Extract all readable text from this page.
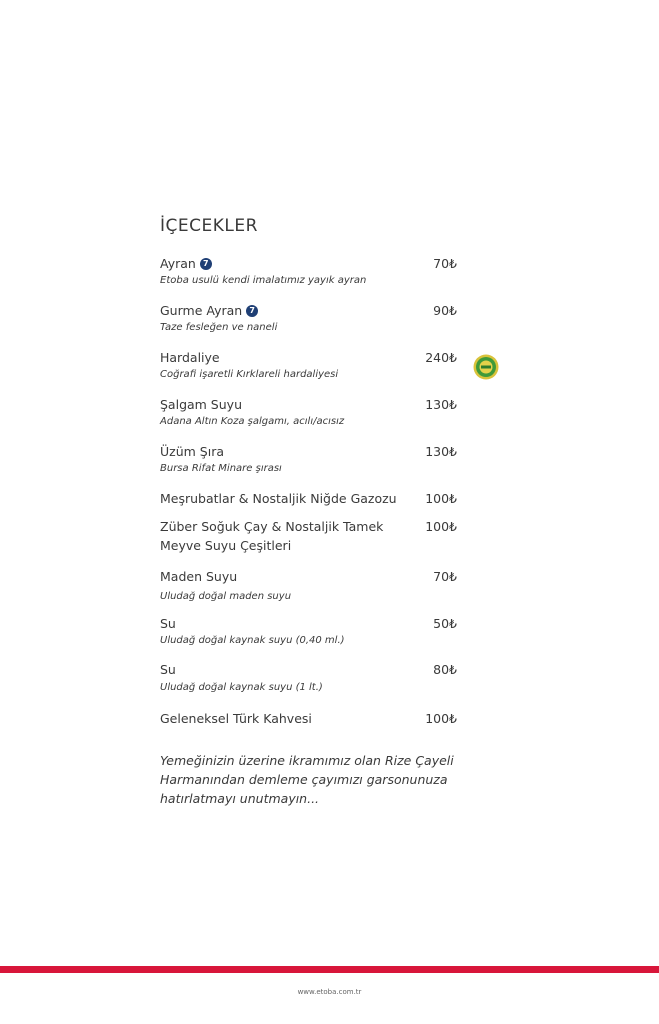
İÇECEKLER
Ayran 7	70₺
Etoba usulü kendi imalatımız yayık ayran
Gurme Ayran 7	90₺
Taze fesleğen ve naneli
Hardaliye	240₺
Coğrafi işaretli Kırklareli hardaliyesi
Şalgam Suyu	130₺
Adana Altın Koza şalgamı, acılı/acısız
Üzüm Şıra	130₺
Bursa Rifat Minare şırası
Meşrubatlar & Nostaljik Niğde Gazozu 100₺
Züber Soğuk Çay & Nostaljik Tamek	100₺
Meyve Suyu Çeşitleri
Maden Suyu	70₺
Uludağ doğal maden suyu
Su	50₺
Uludağ doğal kaynak suyu (0,40 ml.)
Su	80₺
Uludağ doğal kaynak suyu (1 lt.)
Geleneksel Türk Kahvesi	100₺

Yemeğinizin üzerine ikramımız olan Rize Çayeli

Harmanından demleme çayımızı garsonunuza

hatırlatmayı unutmayın...

www.etoba.com.tr
